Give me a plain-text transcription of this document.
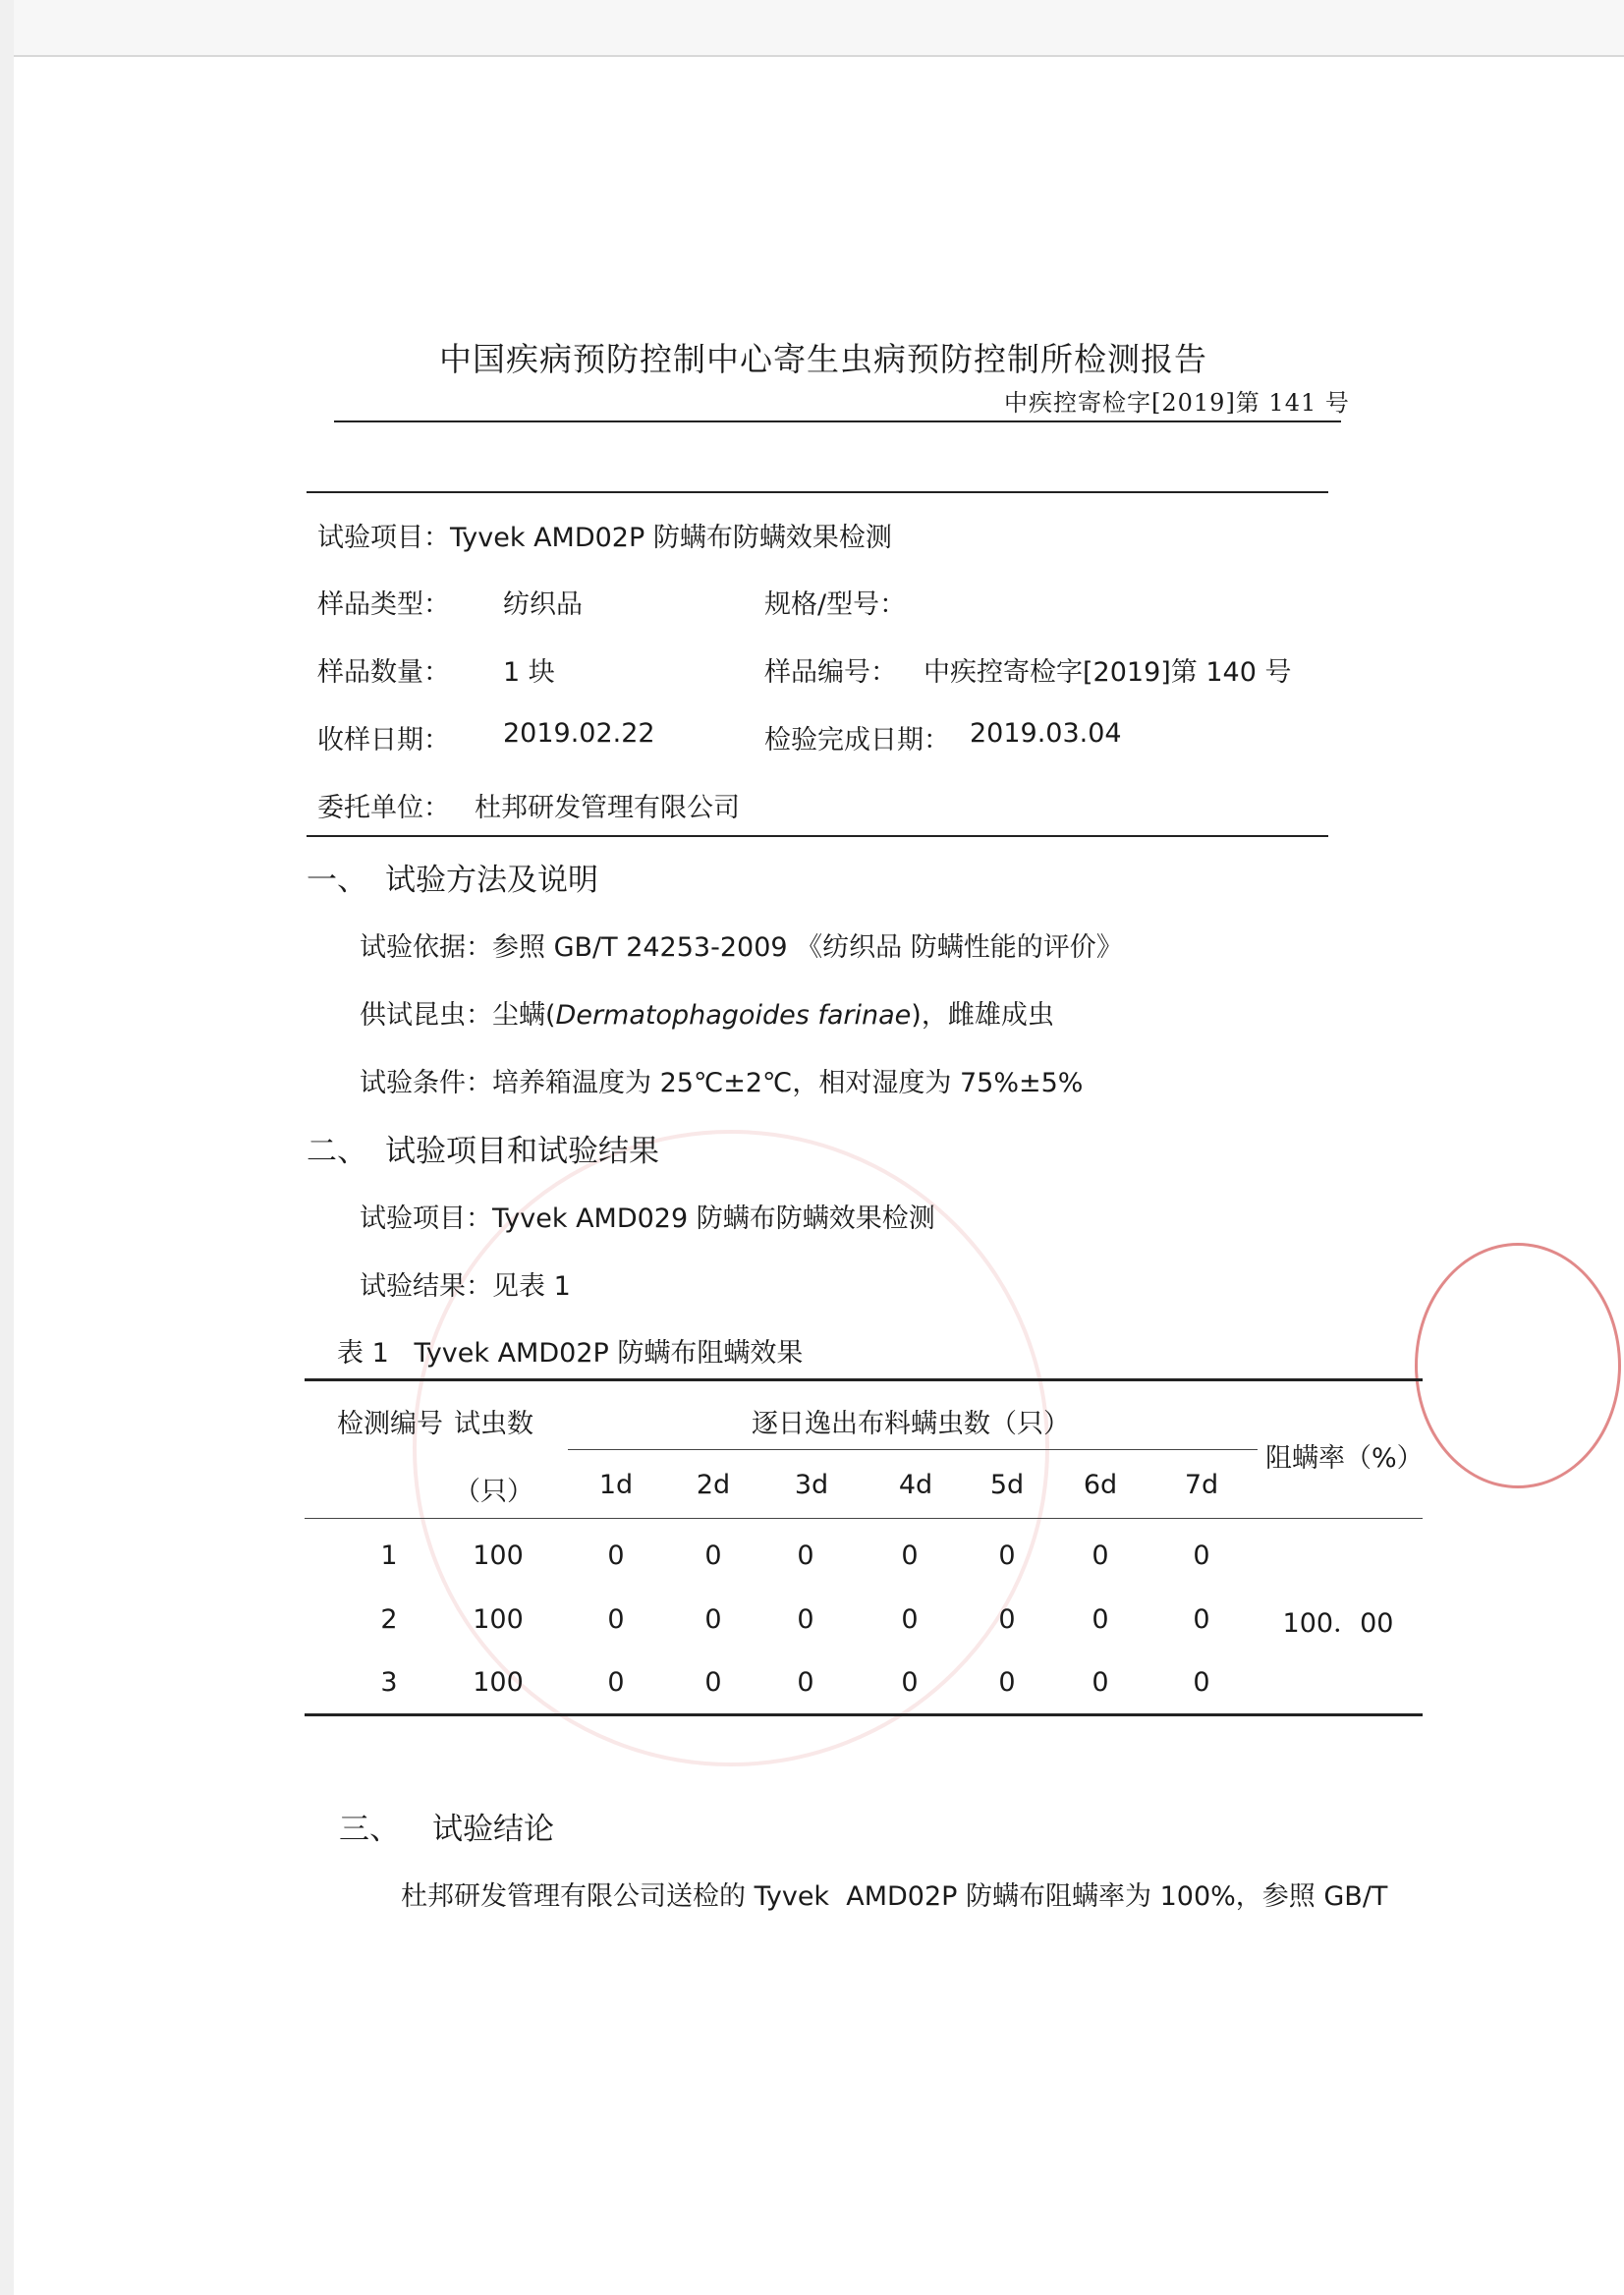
中国疾病预防控制中心寄生虫病预防控制所检测报告
中疾控寄检字[2019]第 141 号
试验项目：Tyvek AMD02P 防螨布防螨效果检测
样品类型： 纺织品	规格/型号：
样品数量： 1 块	样品编号： 中疾控寄检字[2019]第 140 号
收样日期： 2019.02.22	检验完成日期： 2019.03.04
委托单位： 杜邦研发管理有限公司
一、 试验方法及说明
试验依据：参照 GB/T 24253-2009 《纺织品 防螨性能的评价》
供试昆虫：尘螨(Dermatophagoides farinae)，雌雄成虫
试验条件：培养箱温度为 25℃±2℃，相对湿度为 75%±5%
二、 试验项目和试验结果
试验项目：Tyvek AMD029 防螨布防螨效果检测
试验结果：见表 1
表 1   Tyvek AMD02P 防螨布阻螨效果
检测编号 试虫数
（只）
逐日逸出布料螨虫数（只）
阻螨率（%）
1d	2d	3d	4d	5d	6d	7d
1	100	0	0	0	0	0	0	0
2	100	0	0	0	0	0	0	0	100．00
3	100	0	0	0	0	0	0	0
三、 试验结论
杜邦研发管理有限公司送检的 Tyvek  AMD02P 防螨布阻螨率为 100%，参照 GB/T
